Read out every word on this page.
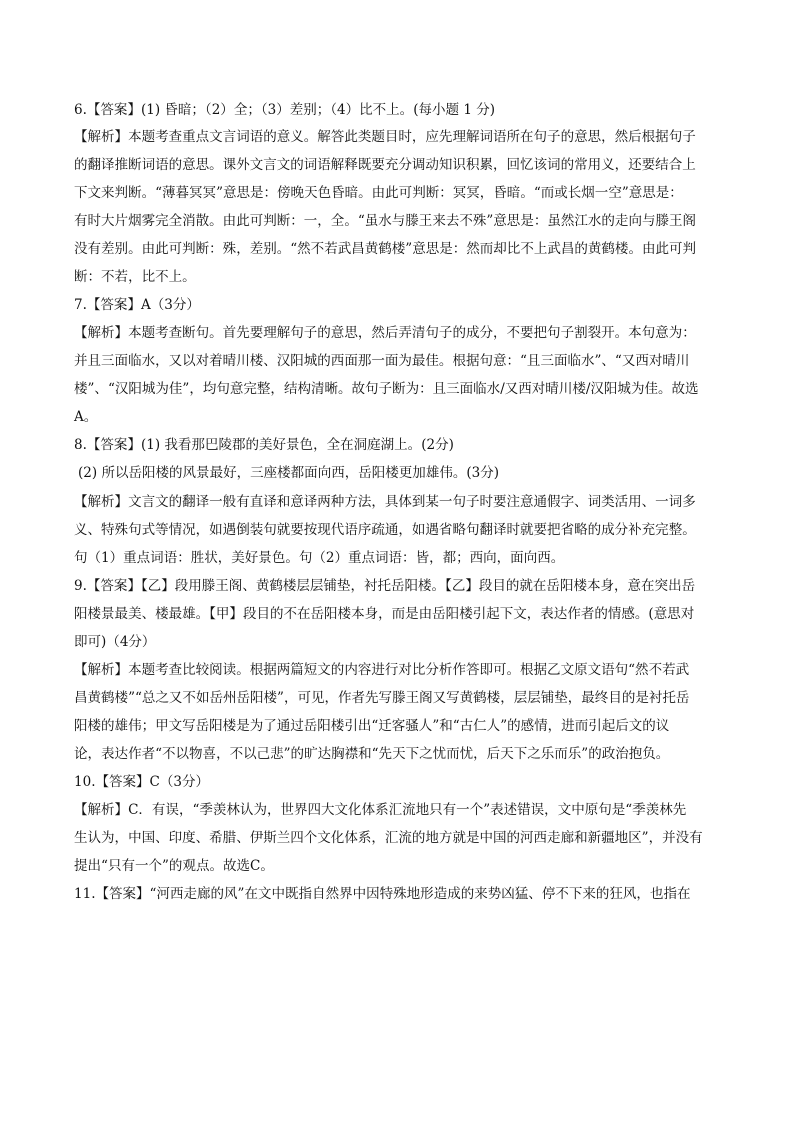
6.【答案】(1) 昏暗；（2）全；（3）差别；（4）比不上。(每小题 1 分)
【解析】本题考查重点文言词语的意义。解答此类题目时，应先理解词语所在句子的意思，然后根据句子
的翻译推断词语的意思。课外文言文的词语解释既要充分调动知识积累，回忆该词的常用义，还要结合上
下文来判断。“薄暮冥冥”意思是：傍晚天色昏暗。由此可判断：冥冥，昏暗。“而或长烟一空”意思是：
有时大片烟雾完全消散。由此可判断：一，全。“虽水与滕王来去不殊”意思是：虽然江水的走向与滕王阁
没有差别。由此可判断：殊，差别。“然不若武昌黄鹤楼”意思是：然而却比不上武昌的黄鹤楼。由此可判
断：不若，比不上。
7.【答案】A（3分）
【解析】本题考查断句。首先要理解句子的意思，然后弄清句子的成分，不要把句子割裂开。本句意为：
并且三面临水，又以对着晴川楼、汉阳城的西面那一面为最佳。根据句意：“且三面临水”、“又西对晴川
楼”、“汉阳城为佳”，均句意完整，结构清晰。故句子断为：且三面临水/又西对晴川楼/汉阳城为佳。故选
A。
8.【答案】(1) 我看那巴陵郡的美好景色，全在洞庭湖上。(2分)
(2) 所以岳阳楼的风景最好，三座楼都面向西，岳阳楼更加雄伟。(3分)
【解析】文言文的翻译一般有直译和意译两种方法，具体到某一句子时要注意通假字、词类活用、一词多
义、特殊句式等情况，如遇倒装句就要按现代语序疏通，如遇省略句翻译时就要把省略的成分补充完整。
句（1）重点词语：胜状，美好景色。句（2）重点词语：皆，都；西向，面向西。
9.【答案】【乙】段用滕王阁、黄鹤楼层层铺垫，衬托岳阳楼。【乙】段目的就在岳阳楼本身，意在突出岳
阳楼景最美、楼最雄。【甲】段目的不在岳阳楼本身，而是由岳阳楼引起下文，表达作者的情感。(意思对
即可)（4分）
【解析】本题考查比较阅读。根据两篇短文的内容进行对比分析作答即可。根据乙文原文语句“然不若武
昌黄鹤楼”“总之又不如岳州岳阳楼”，可见，作者先写滕王阁又写黄鹤楼，层层铺垫，最终目的是衬托岳
阳楼的雄伟；甲文写岳阳楼是为了通过岳阳楼引出“迁客骚人”和“古仁人”的感情，进而引起后文的议
论，表达作者“不以物喜，不以己悲”的旷达胸襟和“先天下之忧而忧，后天下之乐而乐”的政治抱负。
10.【答案】C（3分）
【解析】C．有误，“季羡林认为，世界四大文化体系汇流地只有一个”表述错误，文中原句是“季羡林先
生认为，中国、印度、希腊、伊斯兰四个文化体系，汇流的地方就是中国的河西走廊和新疆地区”，并没有
提出“只有一个”的观点。故选C。
11.【答案】“河西走廊的风”在文中既指自然界中因特殊地形造成的来势凶猛、停不下来的狂风，也指在
